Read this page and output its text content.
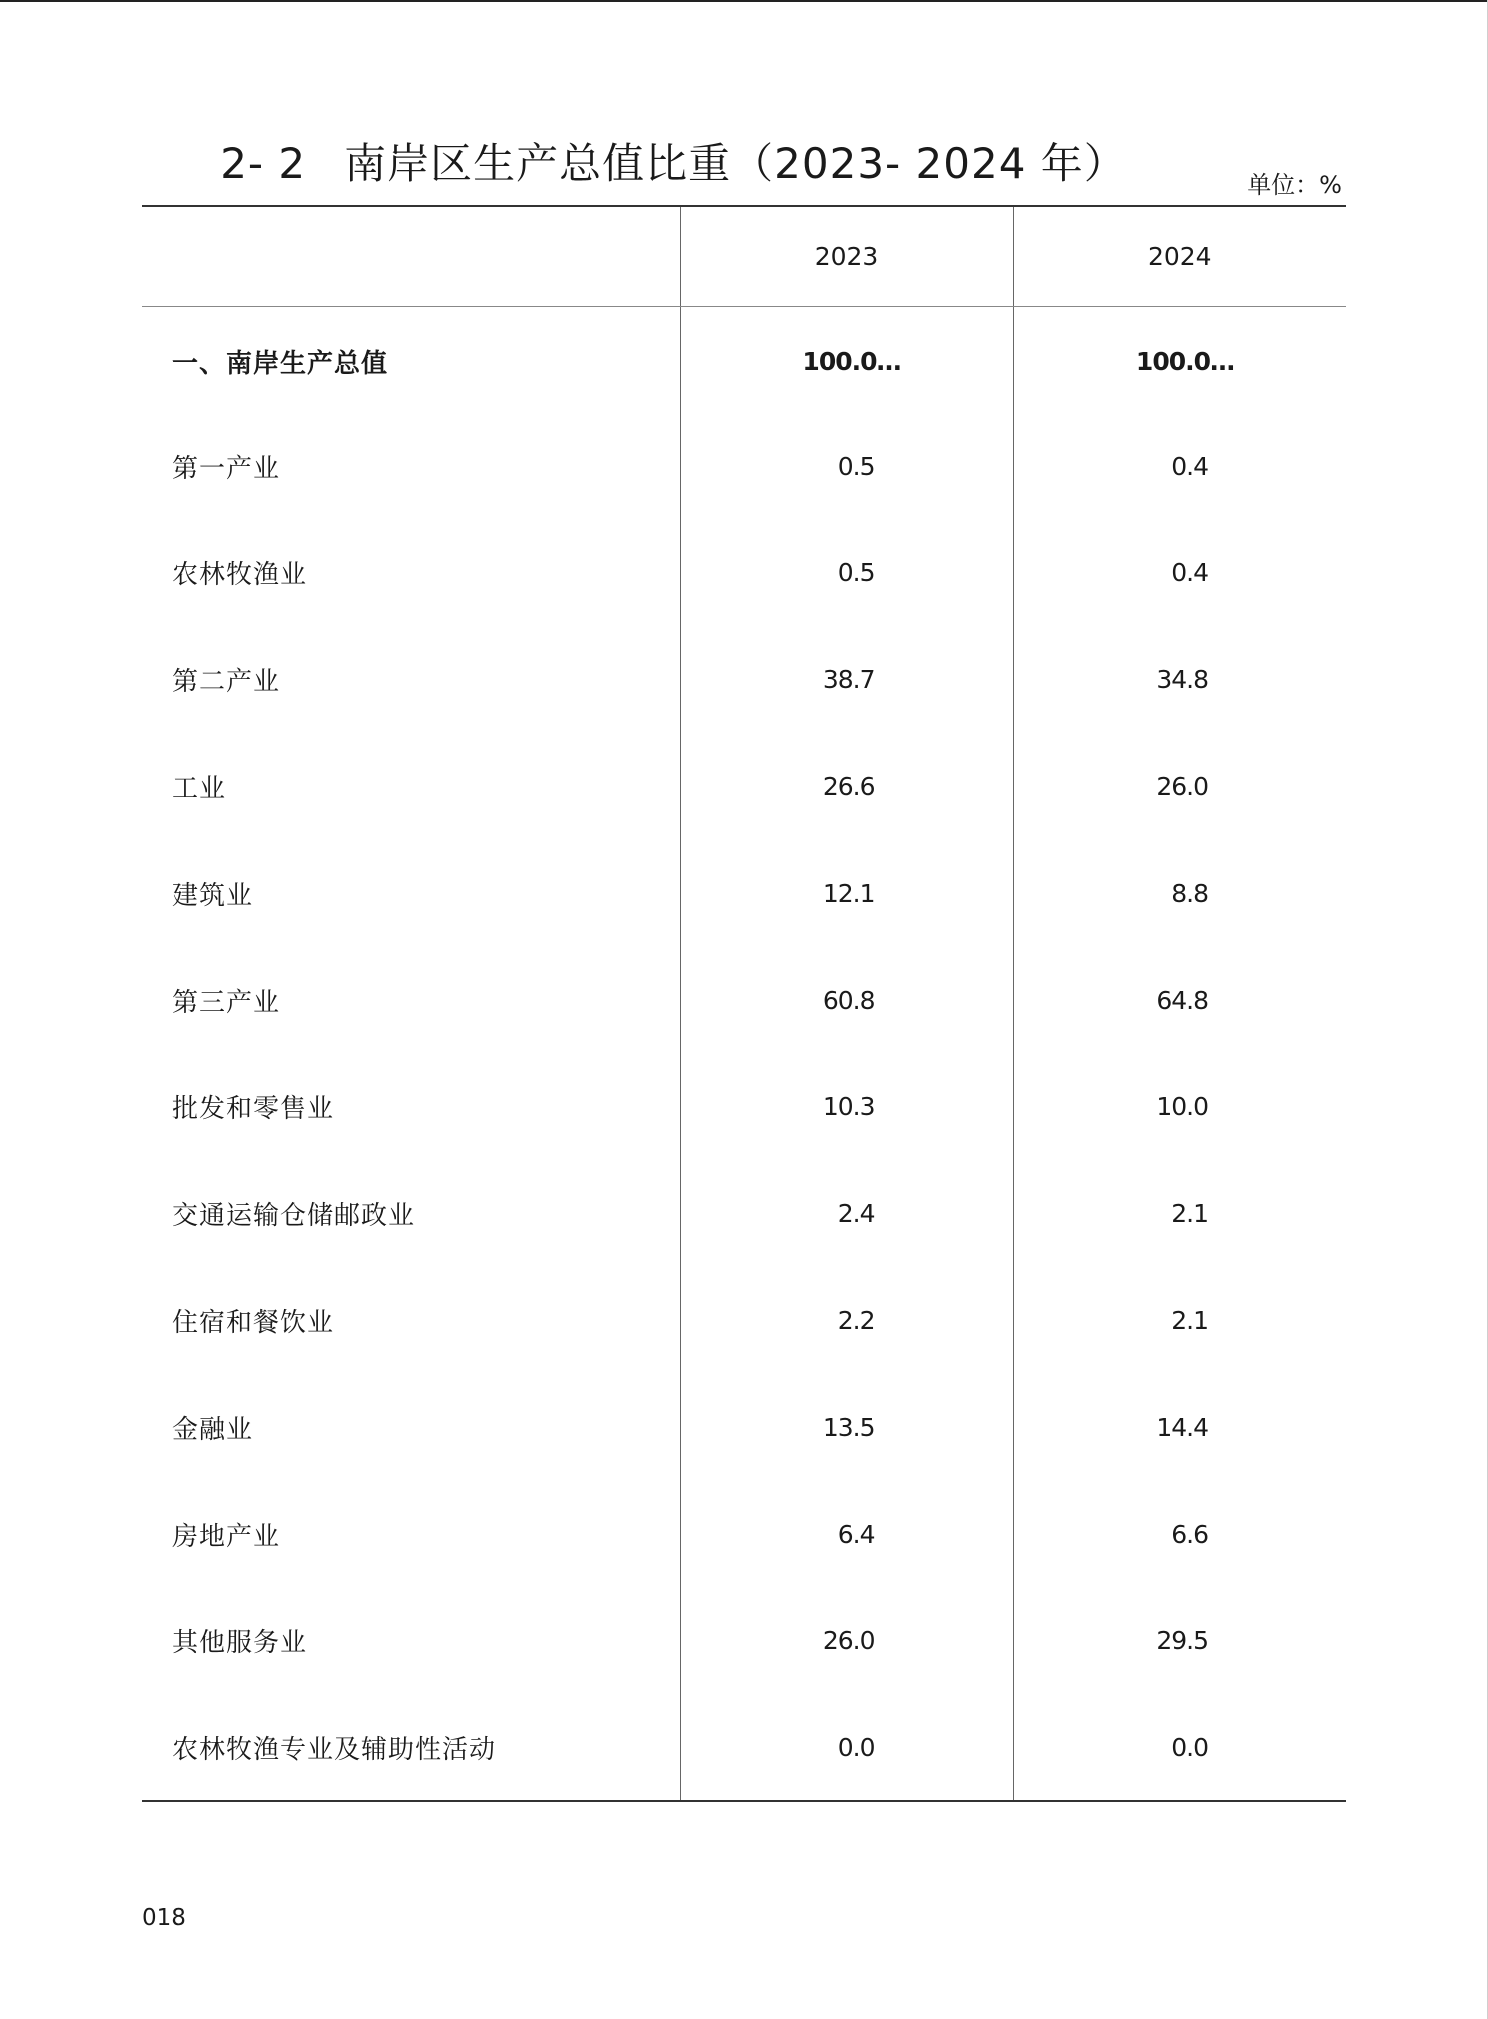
2- 2 南岸区生产总值比重（2023- 2024 年）	单位：%
	2023	2024
一、南岸生产总值	100.0…	100.0…
第一产业	0.5	0.4
农林牧渔业	0.5	0.4
第二产业	38.7	34.8
工业	26.6	26.0
建筑业	12.1	8.8
第三产业	60.8	64.8
批发和零售业	10.3	10.0
交通运输仓储邮政业	2.4	2.1
住宿和餐饮业	2.2	2.1
金融业	13.5	14.4
房地产业	6.4	6.6
其他服务业	26.0	29.5
农林牧渔专业及辅助性活动	0.0	0.0
018
